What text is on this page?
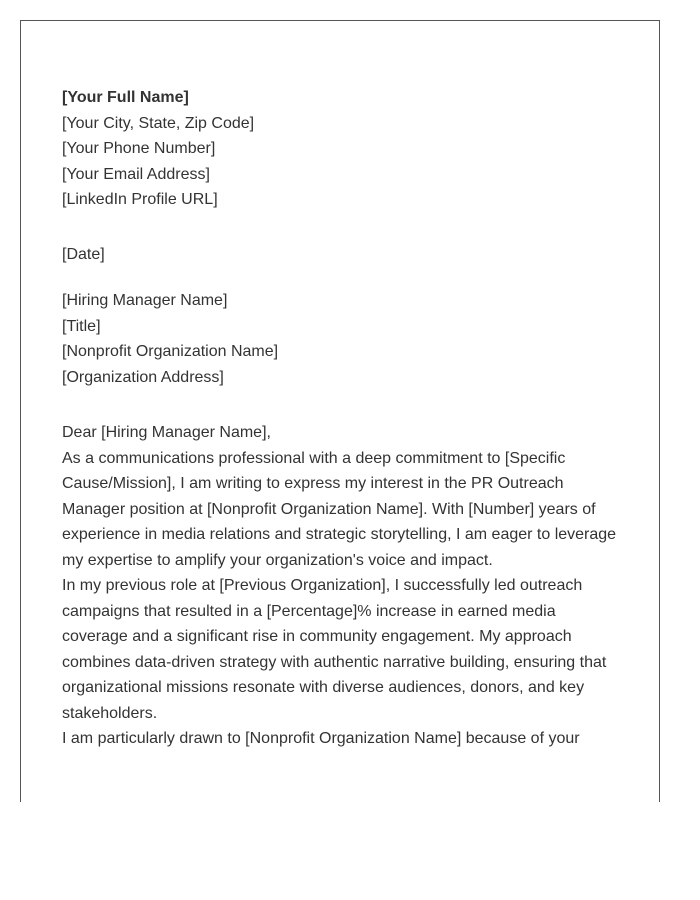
[Your Full Name]
[Your City, State, Zip Code]
[Your Phone Number]
[Your Email Address]
[LinkedIn Profile URL]
[Date]
[Hiring Manager Name]
[Title]
[Nonprofit Organization Name]
[Organization Address]
Dear [Hiring Manager Name],
As a communications professional with a deep commitment to [Specific
Cause/Mission], I am writing to express my interest in the PR Outreach
Manager position at [Nonprofit Organization Name]. With [Number] years of
experience in media relations and strategic storytelling, I am eager to leverage
my expertise to amplify your organization's voice and impact.
In my previous role at [Previous Organization], I successfully led outreach
campaigns that resulted in a [Percentage]% increase in earned media
coverage and a significant rise in community engagement. My approach
combines data-driven strategy with authentic narrative building, ensuring that
organizational missions resonate with diverse audiences, donors, and key
stakeholders.
I am particularly drawn to [Nonprofit Organization Name] because of your
